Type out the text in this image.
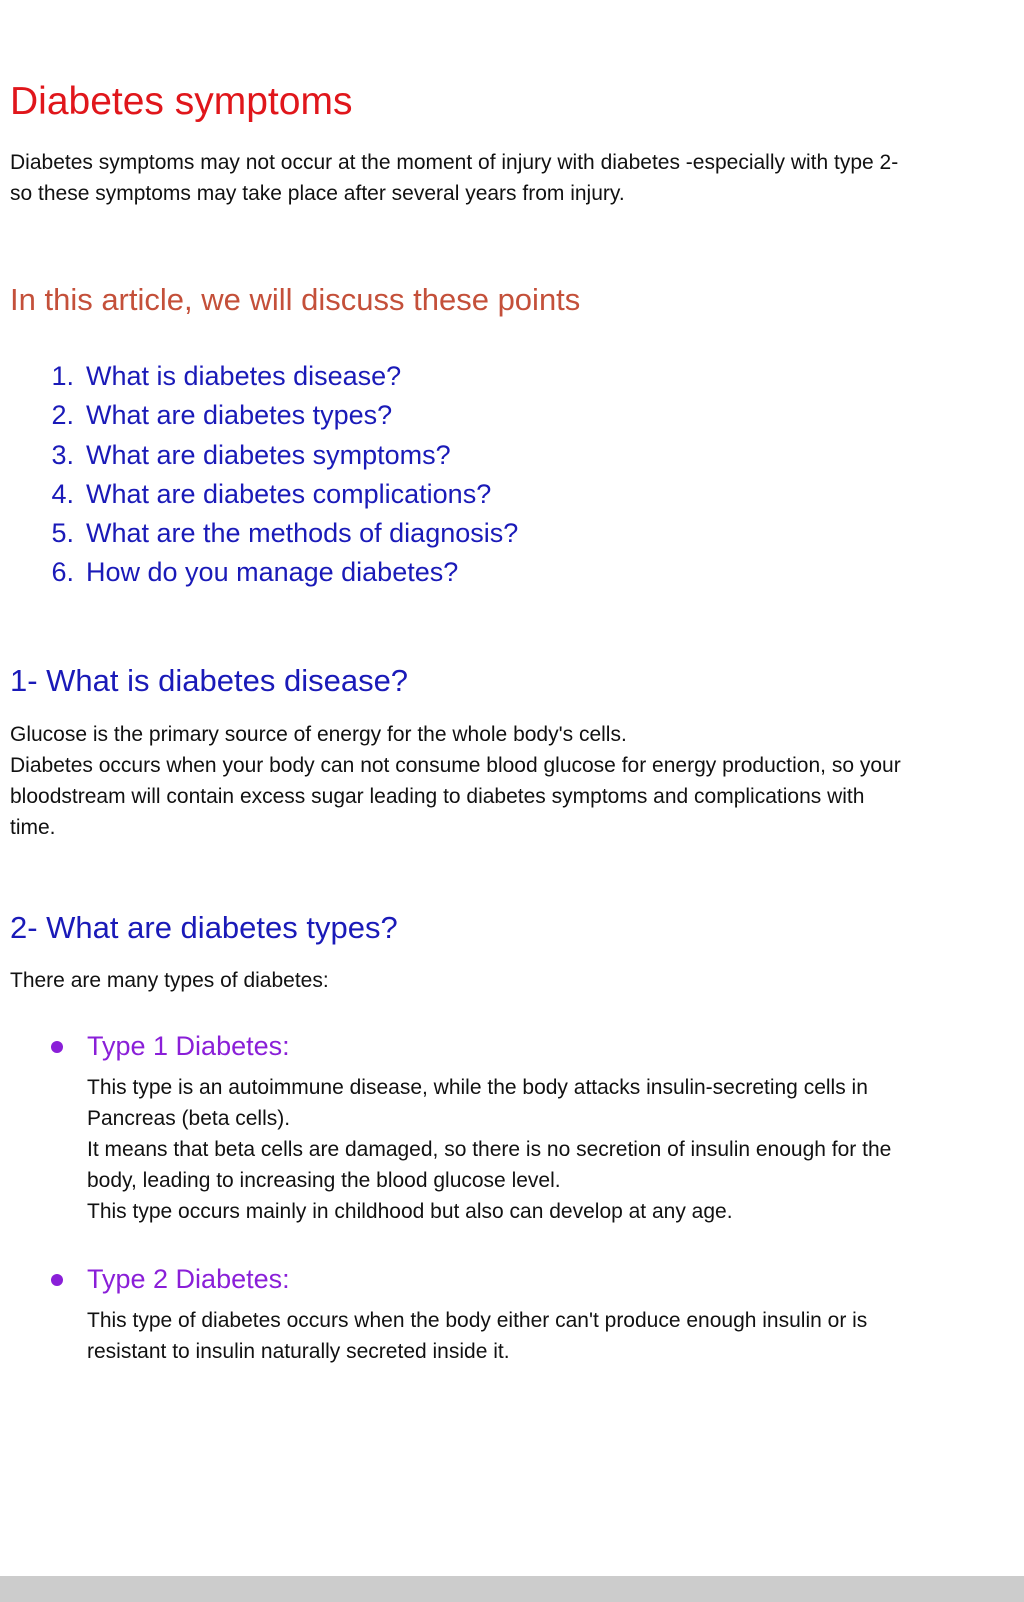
Diabetes symptoms

Diabetes symptoms may not occur at the moment of injury with diabetes -especially with type 2-

so these symptoms may take place after several years from injury.

In this article, we will discuss these points
1. What is diabetes disease?
2. What are diabetes types?
3. What are diabetes symptoms?
4. What are diabetes complications?
5. What are the methods of diagnosis?
6. How do you manage diabetes?
1- What is diabetes disease?

Glucose is the primary source of energy for the whole body's cells.

Diabetes occurs when your body can not consume blood glucose for energy production, so your

bloodstream will contain excess sugar leading to diabetes symptoms and complications with

time.

2- What are diabetes types?

There are many types of diabetes:

Type 1 Diabetes:

This type is an autoimmune disease, while the body attacks insulin-secreting cells in

Pancreas (beta cells).

It means that beta cells are damaged, so there is no secretion of insulin enough for the

body, leading to increasing the blood glucose level.

This type occurs mainly in childhood but also can develop at any age.

Type 2 Diabetes:

This type of diabetes occurs when the body either can't produce enough insulin or is

resistant to insulin naturally secreted inside it.
